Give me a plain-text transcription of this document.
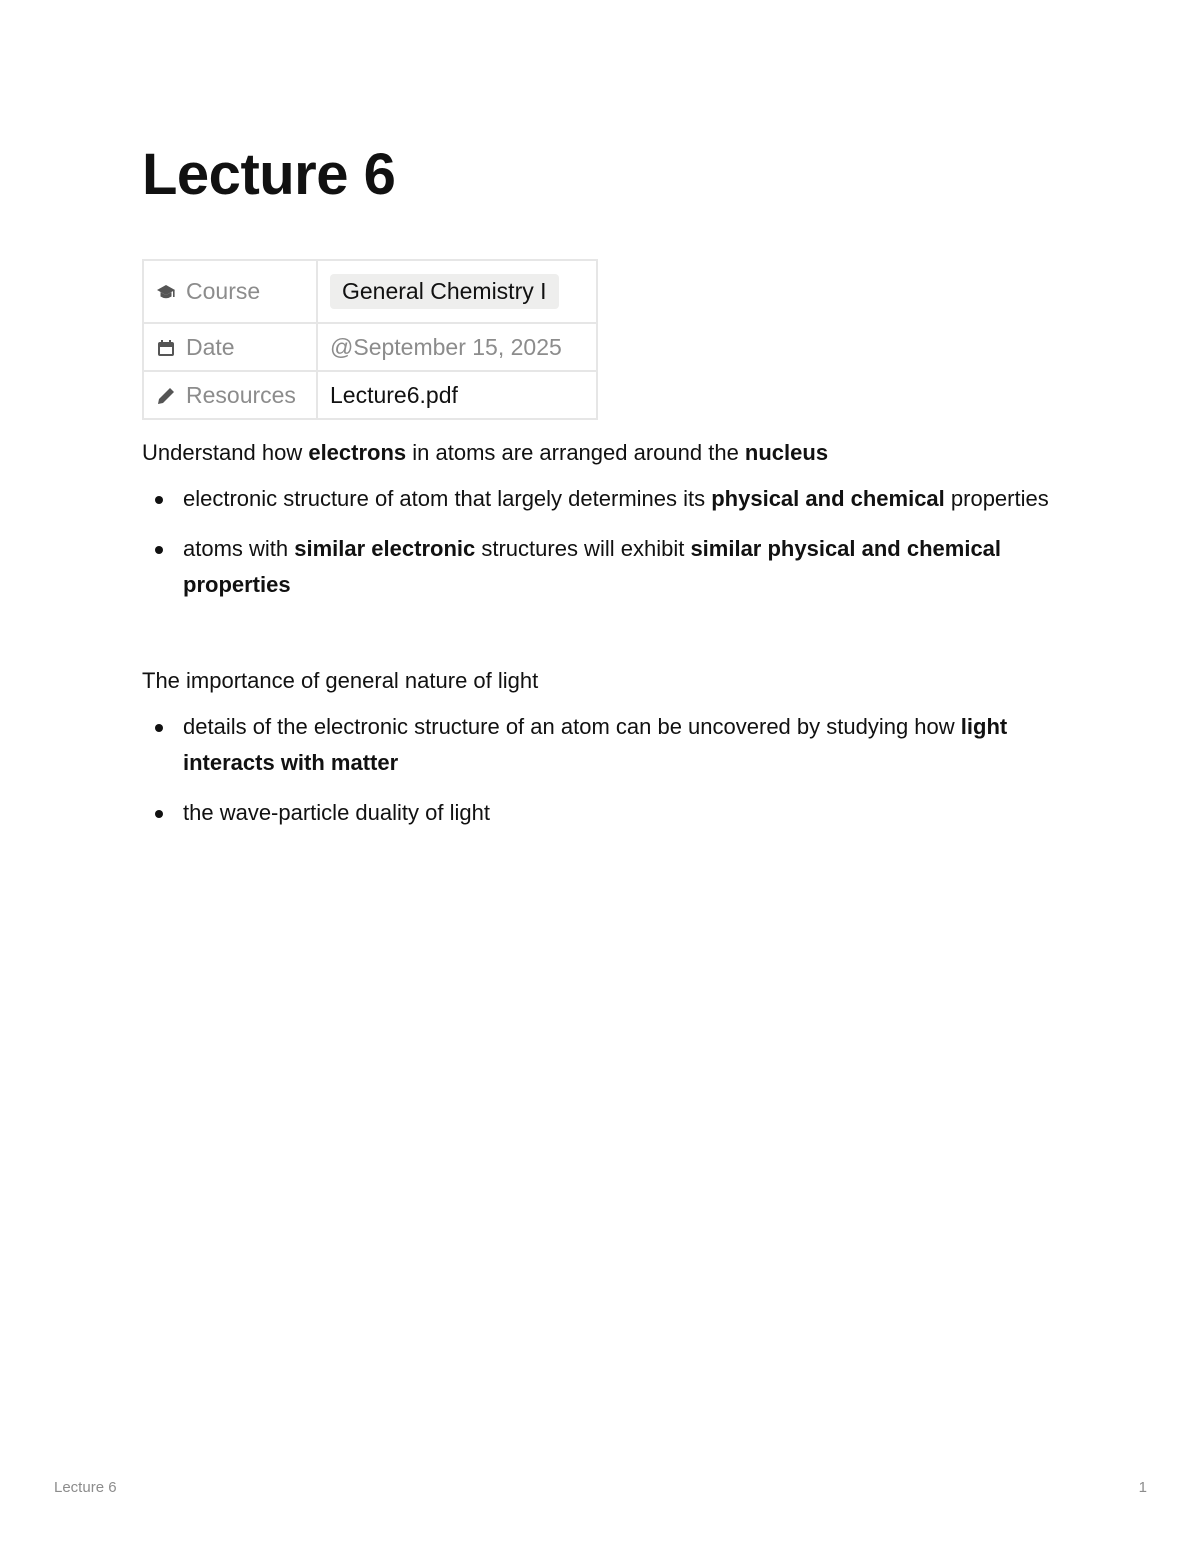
Lecture 6
Course	General Chemistry I
Date	@September 15, 2025
Resources	Lecture6.pdf

Understand how electrons in atoms are arranged around the nucleus

electronic structure of atom that largely determines its physical and chemical properties
atoms with similar electronic structures will exhibit similar physical and chemical properties

The importance of general nature of light

details of the electronic structure of an atom can be uncovered by studying how light interacts with matter
the wave-particle duality of light
Lecture 6	1
